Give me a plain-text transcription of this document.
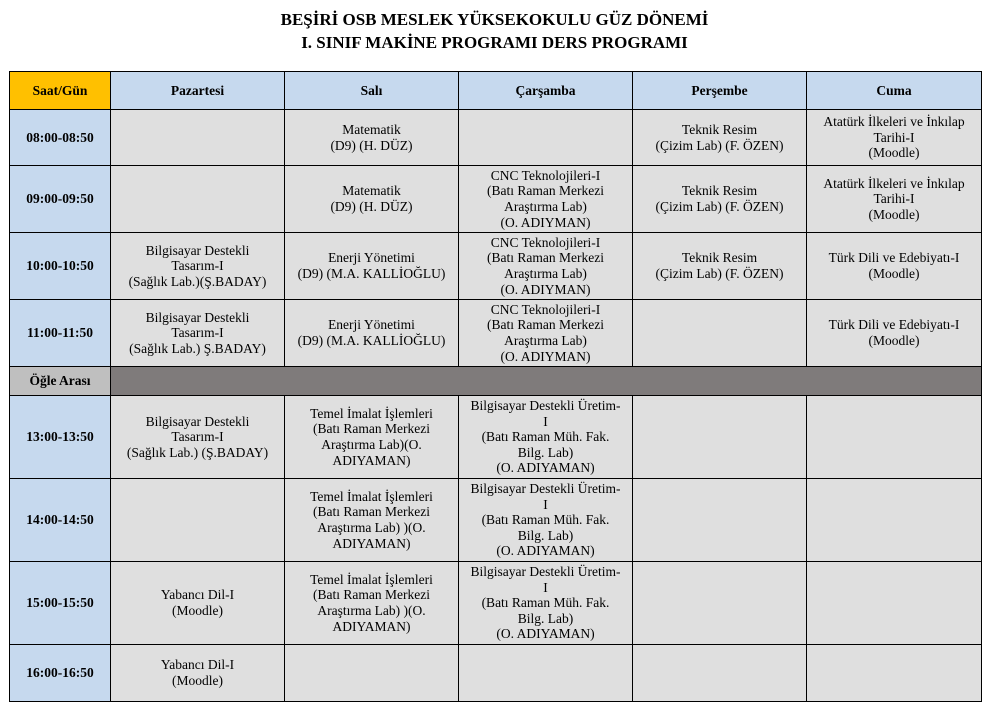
BEŞİRİ OSB MESLEK YÜKSEKOKULU GÜZ DÖNEMİ
I. SINIF MAKİNE PROGRAMI DERS PROGRAMI
Saat/Gün	Pazartesi	Salı	Çarşamba	Perşembe	Cuma
08:00-08:50		Matematik
(D9) (H. DÜZ)		Teknik Resim
(Çizim Lab) (F. ÖZEN)	Atatürk İlkeleri ve İnkılap
Tarihi-I
(Moodle)

09:00-09:50		Matematik
(D9) (H. DÜZ)	CNC Teknolojileri-I
(Batı Raman Merkezi
Araştırma Lab)
(O. ADIYMAN)	Teknik Resim
(Çizim Lab) (F. ÖZEN)	Atatürk İlkeleri ve İnkılap
Tarihi-I
(Moodle)

10:00-10:50	Bilgisayar Destekli
Tasarım-I
(Sağlık Lab.)(Ş.BADAY)	Enerji Yönetimi
(D9) (M.A. KALLİOĞLU)	CNC Teknolojileri-I
(Batı Raman Merkezi
Araştırma Lab)
(O. ADIYMAN)	Teknik Resim
(Çizim Lab) (F. ÖZEN)	Türk Dili ve Edebiyatı-I
(Moodle)

11:00-11:50	Bilgisayar Destekli
Tasarım-I
(Sağlık Lab.) Ş.BADAY)	Enerji Yönetimi
(D9) (M.A. KALLİOĞLU)	CNC Teknolojileri-I
(Batı Raman Merkezi
Araştırma Lab)
(O. ADIYMAN)		Türk Dili ve Edebiyatı-I
(Moodle)

Öğle Arası					
13:00-13:50	Bilgisayar Destekli
Tasarım-I
(Sağlık Lab.) (Ş.BADAY)	Temel İmalat İşlemleri
(Batı Raman Merkezi
Araştırma Lab)(O.
ADIYAMAN)	Bilgisayar Destekli Üretim-
I
(Batı Raman Müh. Fak.
Bilg. Lab)
(O. ADIYAMAN)		

14:00-14:50		Temel İmalat İşlemleri
(Batı Raman Merkezi
Araştırma Lab) )(O.
ADIYAMAN)	Bilgisayar Destekli Üretim-
I
(Batı Raman Müh. Fak.
Bilg. Lab)
(O. ADIYAMAN)		

15:00-15:50	Yabancı Dil-I
(Moodle)	Temel İmalat İşlemleri
(Batı Raman Merkezi
Araştırma Lab) )(O.
ADIYAMAN)	Bilgisayar Destekli Üretim-
I
(Batı Raman Müh. Fak.
Bilg. Lab)
(O. ADIYAMAN)		

16:00-16:50	Yabancı Dil-I
(Moodle)				
